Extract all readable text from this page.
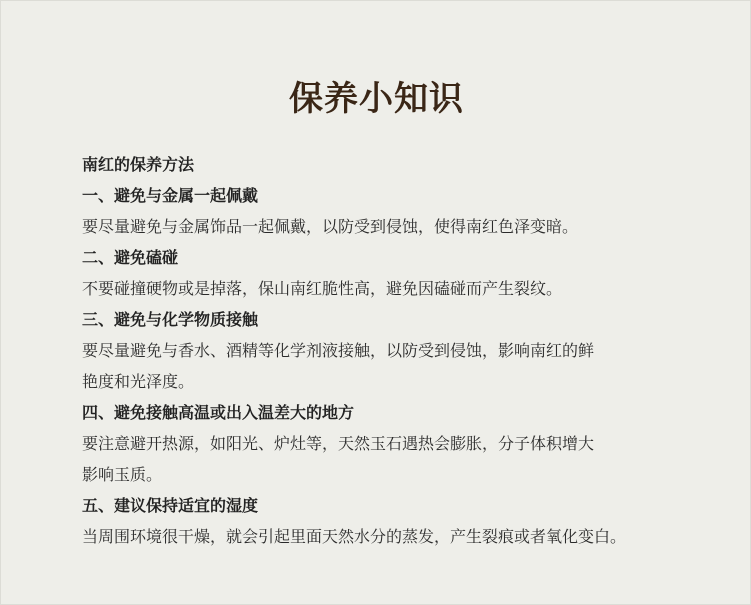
保养小知识

南红的保养方法

一、避免与金属一起佩戴

要尽量避免与金属饰品一起佩戴，以防受到侵蚀，使得南红色泽变暗。

二、避免磕碰

不要碰撞硬物或是掉落，保山南红脆性高，避免因磕碰而产生裂纹。

三、避免与化学物质接触

要尽量避免与香水、酒精等化学剂液接触，以防受到侵蚀，影响南红的鲜

艳度和光泽度。

四、避免接触高温或出入温差大的地方

要注意避开热源，如阳光、炉灶等，天然玉石遇热会膨胀，分子体积增大

影响玉质。

五、建议保持适宜的湿度

当周围环境很干燥，就会引起里面天然水分的蒸发，产生裂痕或者氧化变白。
